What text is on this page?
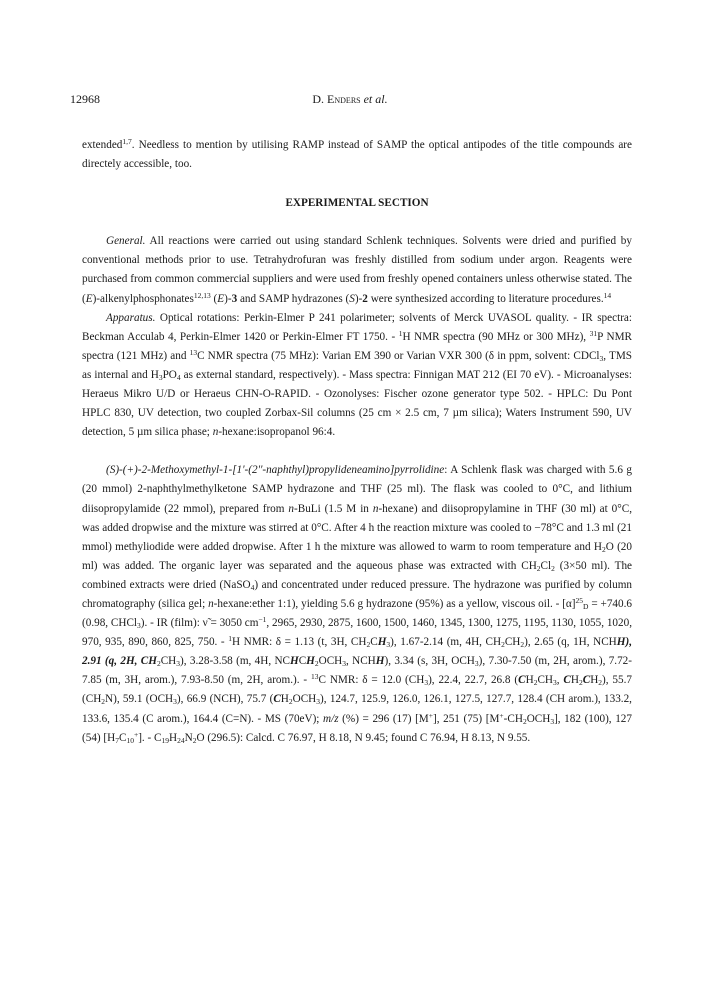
12968	D. Enders et al.

extended$^{1,7}$. Needless to mention by utilising RAMP instead of SAMP the optical antipodes of the title compounds are directely accessible, too.

EXPERIMENTAL SECTION

General. All reactions were carried out using standard Schlenk techniques. Solvents were dried and purified by conventional methods prior to use. Tetrahydrofuran was freshly distilled from sodium under argon. Reagents were purchased from common commercial suppliers and were used from freshly opened containers unless otherwise stated. The (E)-alkenylphosphonates$^{12,13}$ (E)-3 and SAMP hydrazones (S)-2 were synthesized according to literature procedures.$^{14}$

Apparatus. Optical rotations: Perkin-Elmer P 241 polarimeter; solvents of Merck UVASOL quality. - IR spectra: Beckman Acculab 4, Perkin-Elmer 1420 or Perkin-Elmer FT 1750. - $^1$H NMR spectra (90 MHz or 300 MHz), $^{31}$P NMR spectra (121 MHz) and $^{13}$C NMR spectra (75 MHz): Varian EM 390 or Varian VXR 300 (δ in ppm, solvent: CDCl$_3$, TMS as internal and $H_3PO_4$ as external standard, respectively). - Mass spectra: Finnigan MAT 212 (EI 70 eV). - Microanalyses: Heraeus Mikro U/D or Heraeus CHN-O-RAPID. - Ozonolyses: Fischer ozone generator type 502. - HPLC: Du Pont HPLC 830, UV detection, two coupled Zorbax-Sil columns (25 cm × 2.5 cm, 7 µm silica); Waters Instrument 590, UV detection, 5 µm silica phase; n-hexane:isopropanol 96:4.

(S)-(+)-2-Methoxymethyl-1-[1'-(2''-naphthyl)propylideneamino]pyrrolidine: A Schlenk flask was charged with 5.6 g (20 mmol) 2-naphthylmethylketone SAMP hydrazone and THF (25 ml). The flask was cooled to 0°C, and lithium diisopropylamide (22 mmol), prepared from n-BuLi (1.5 M in n-hexane) and diisopropylamine in THF (30 ml) at 0°C, was added dropwise and the mixture was stirred at 0°C. After 4 h the reaction mixture was cooled to −78°C and 1.3 ml (21 mmol) methyliodide were added dropwise. After 1 h the mixture was allowed to warm to room temperature and $H_2O$ (20 ml) was added. The organic layer was separated and the aqueous phase was extracted with $CH_2Cl_2$ (3×50 ml). The combined extracts were dried (NaSO$_4$) and concentrated under reduced pressure. The hydrazone was purified by column chromatography (silica gel; n-hexane:ether 1:1), yielding 5.6 g hydrazone (95%) as a yellow, viscous oil. - $[\alpha]^{25}_D = +740.6$ (0.98, CHCl$_3$). - IR (film): ν̃ = 3050 $cm^{-1}$, 2965, 2930, 2875, 1600, 1500, 1460, 1345, 1300, 1275, 1195, 1130, 1055, 1020, 970, 935, 890, 860, 825, 750. - $^1$H NMR: δ = 1.13 (t, 3H, $CH_2CH_3$), 1.67-2.14 (m, 4H, $CH_2CH_2$), 2.65 (q, 1H, NCHH), 2.91 (q, 2H, $CH_2CH_3$), 3.28-3.58 (m, 4H, $NCHCH_2OCH_3$, NCHH), 3.34 (s, 3H, $OCH_3$), 7.30-7.50 (m, 2H, arom.), 7.72-7.85 (m, 3H, arom.), 7.93-8.50 (m, 2H, arom.). - $^{13}$C NMR: δ = 12.0 $(CH_3)$, 22.4, 22.7, 26.8 ($CH_2CH_3$, $CH_2CH_2$), 55.7 $(CH_2N)$, 59.1 $(OCH_3)$, 66.9 (NCH), 75.7 $(CH_2OCH_3)$, 124.7, 125.9, 126.0, 126.1, 127.5, 127.7, 128.4 (CH arom.), 133.2, 133.6, 135.4 (C arom.), 164.4 (C=N). - MS (70eV); m/z (%) = 296 (17) [M+], 251 (75) $[M^+-CH_2OCH_3]$, 182 (100), 127 (54) $[H_7C_{10}^+]$. - $C_{19}H_{24}N_2O$ (296.5): Calcd. C 76.97, H 8.18, N 9.45; found C 76.94, H 8.13, N 9.55.
